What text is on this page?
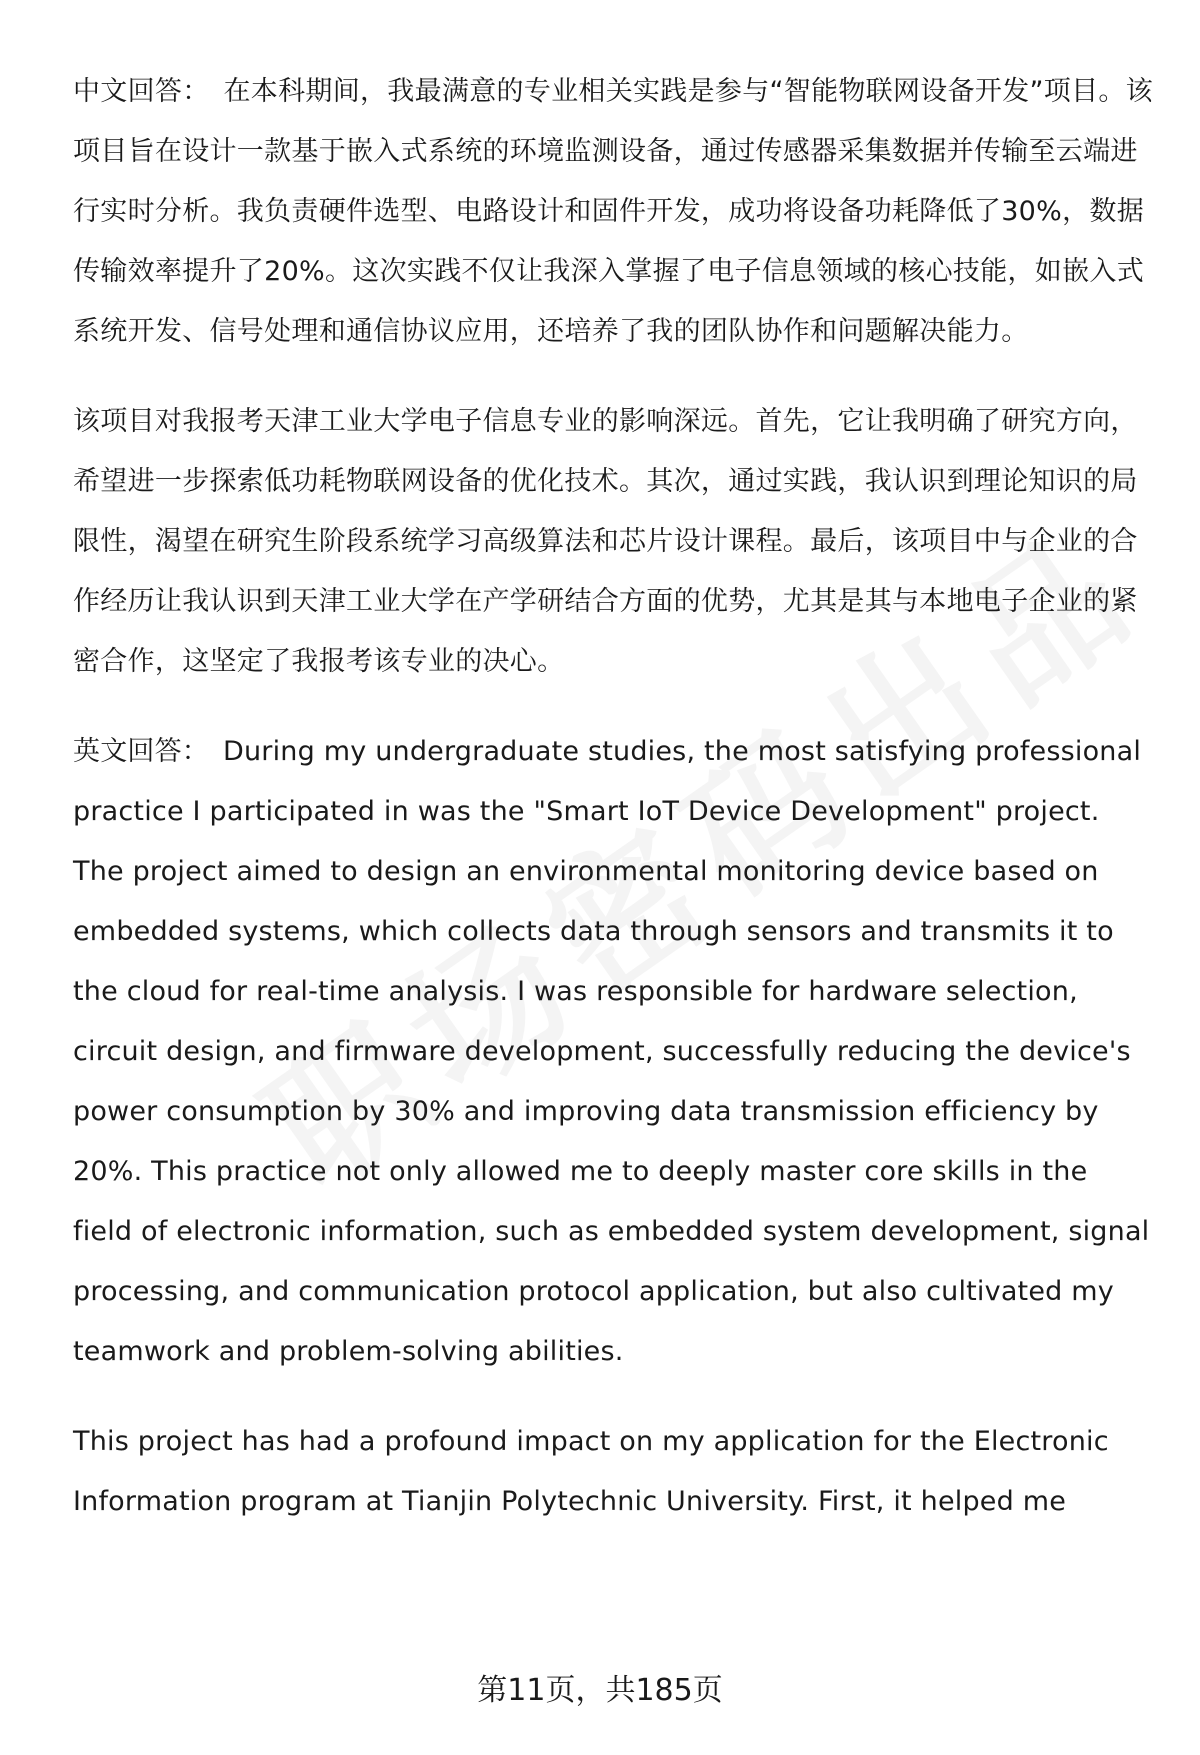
中文回答： 在本科期间，我最满意的专业相关实践是参与“智能物联网设备开发”项目。该项目旨在设计一款基于嵌入式系统的环境监测设备，通过传感器采集数据并传输至云端进行实时分析。我负责硬件选型、电路设计和固件开发，成功将设备功耗降低了30%，数据传输效率提升了20%。这次实践不仅让我深入掌握了电子信息领域的核心技能，如嵌入式系统开发、信号处理和通信协议应用，还培养了我的团队协作和问题解决能力。

该项目对我报考天津工业大学电子信息专业的影响深远。首先，它让我明确了研究方向，希望进一步探索低功耗物联网设备的优化技术。其次，通过实践，我认识到理论知识的局限性，渴望在研究生阶段系统学习高级算法和芯片设计课程。最后，该项目中与企业的合作经历让我认识到天津工业大学在产学研结合方面的优势，尤其是其与本地电子企业的紧密合作，这坚定了我报考该专业的决心。

英文回答： During my undergraduate studies, the most satisfying professional practice I participated in was the "Smart IoT Device Development" project. The project aimed to design an environmental monitoring device based on embedded systems, which collects data through sensors and transmits it to the cloud for real-time analysis. I was responsible for hardware selection, circuit design, and firmware development, successfully reducing the device's power consumption by 30% and improving data transmission efficiency by 20%. This practice not only allowed me to deeply master core skills in the field of electronic information, such as embedded system development, signal processing, and communication protocol application, but also cultivated my teamwork and problem-solving abilities.

This project has had a profound impact on my application for the Electronic Information program at Tianjin Polytechnic University. First, it helped me

第11页，共185页
